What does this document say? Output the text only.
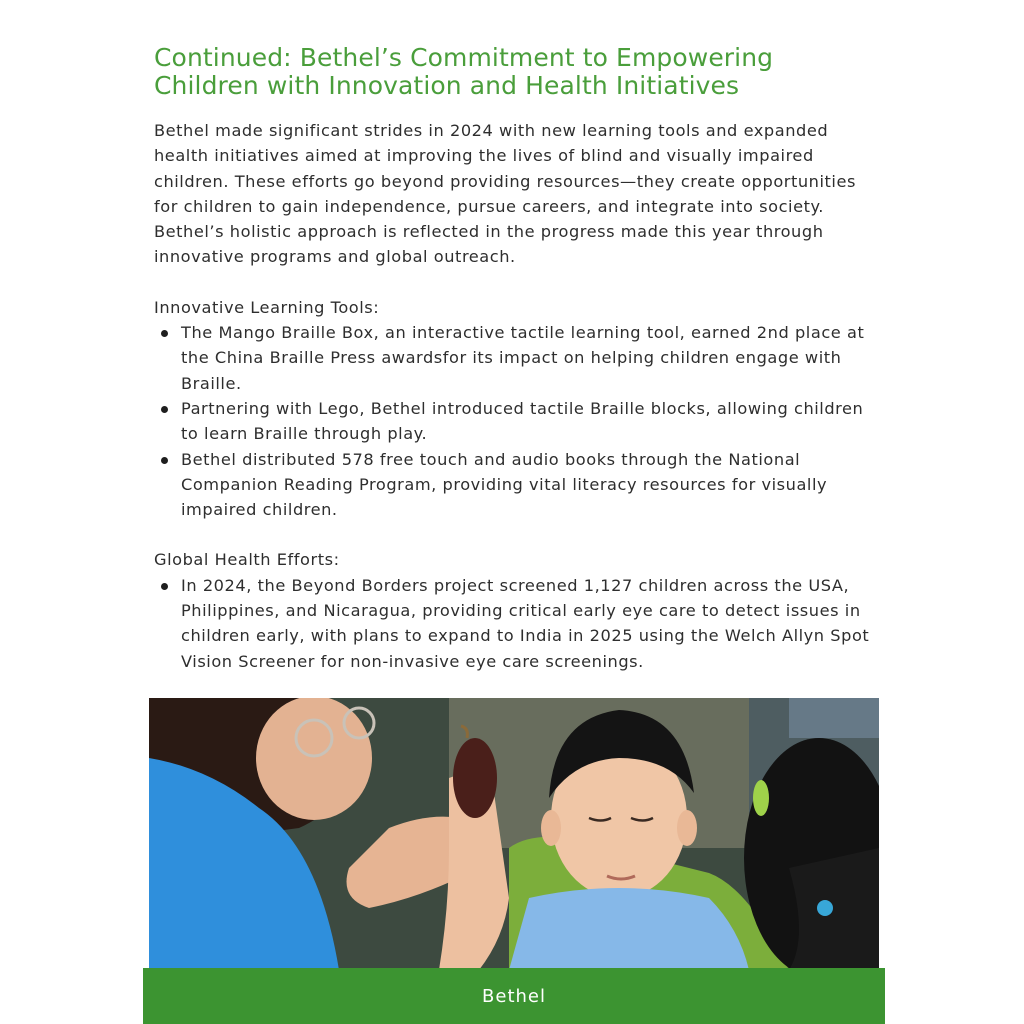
Continued: Bethel’s Commitment to Empowering
Children with Innovation and Health Initiatives

Bethel made significant strides in 2024 with new learning tools and expanded health initiatives aimed at improving the lives of blind and visually impaired children. These efforts go beyond providing resources—they create opportunities for children to gain independence, pursue careers, and integrate into society. Bethel’s holistic approach is reflected in the progress made this year through innovative programs and global outreach.

Innovative Learning Tools:

The Mango Braille Box, an interactive tactile learning tool, earned 2nd place at the China Braille Press awardsfor its impact on helping children engage with Braille.
Partnering with Lego, Bethel introduced tactile Braille blocks, allowing children to learn Braille through play.
Bethel distributed 578 free touch and audio books through the National Companion Reading Program, providing vital literacy resources for visually impaired children.

Global Health Efforts:

In 2024, the Beyond Borders project screened 1,127 children across the USA, Philippines, and Nicaragua, providing critical early eye care to detect issues in children early, with plans to expand to India in 2025 using the Welch Allyn Spot Vision Screener for non-invasive eye care screenings.
Bethel
